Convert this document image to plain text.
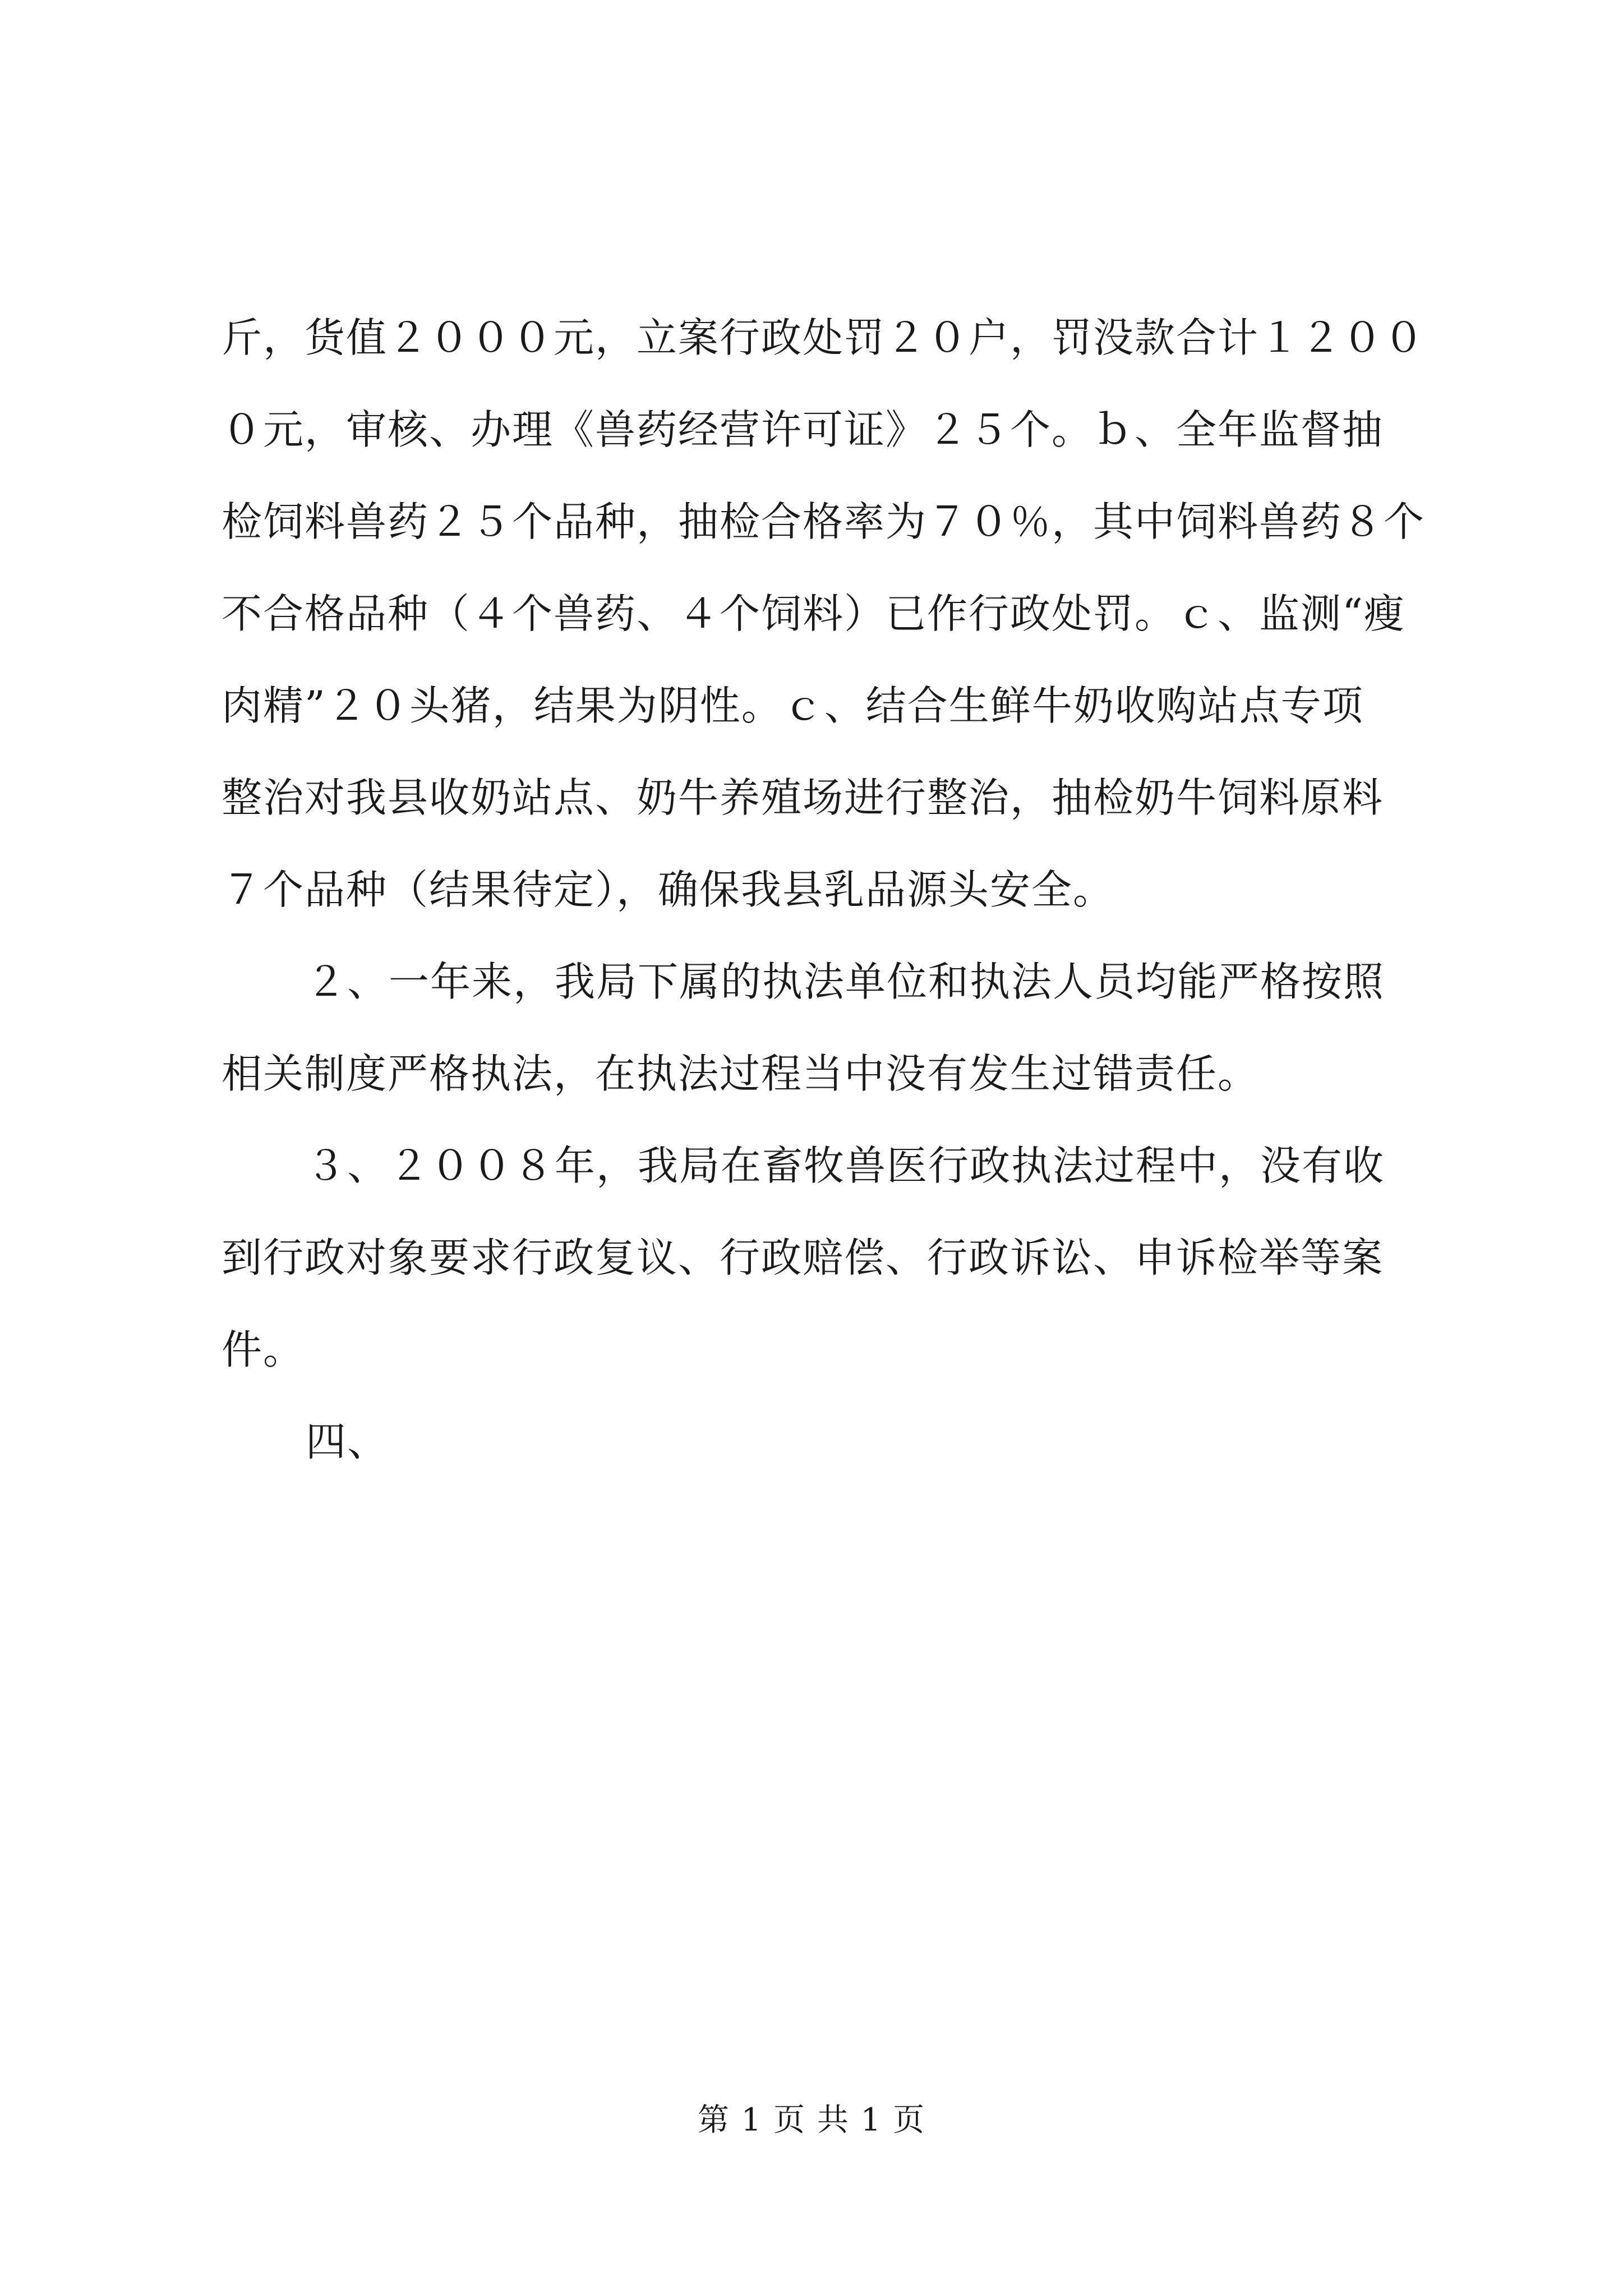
斤，货值２０００元，立案行政处罚２０户，罚没款合计１２００

０元，审核、办理《兽药经营许可证》２５个。ｂ、全年监督抽

检饲料兽药２５个品种，抽检合格率为７０％，其中饲料兽药８个

不合格品种（４个兽药、４个饲料）已作行政处罚。ｃ、监测“瘦

肉精”２０头猪，结果为阴性。ｃ、结合生鲜牛奶收购站点专项

整治对我县收奶站点、奶牛养殖场进行整治，抽检奶牛饲料原料

７个品种（结果待定），确保我县乳品源头安全。

２、一年来，我局下属的执法单位和执法人员均能严格按照

相关制度严格执法，在执法过程当中没有发生过错责任。

３、２００８年，我局在畜牧兽医行政执法过程中，没有收

到行政对象要求行政复议、行政赔偿、行政诉讼、申诉检举等案

件。

四、

第 1 页 共 1 页
